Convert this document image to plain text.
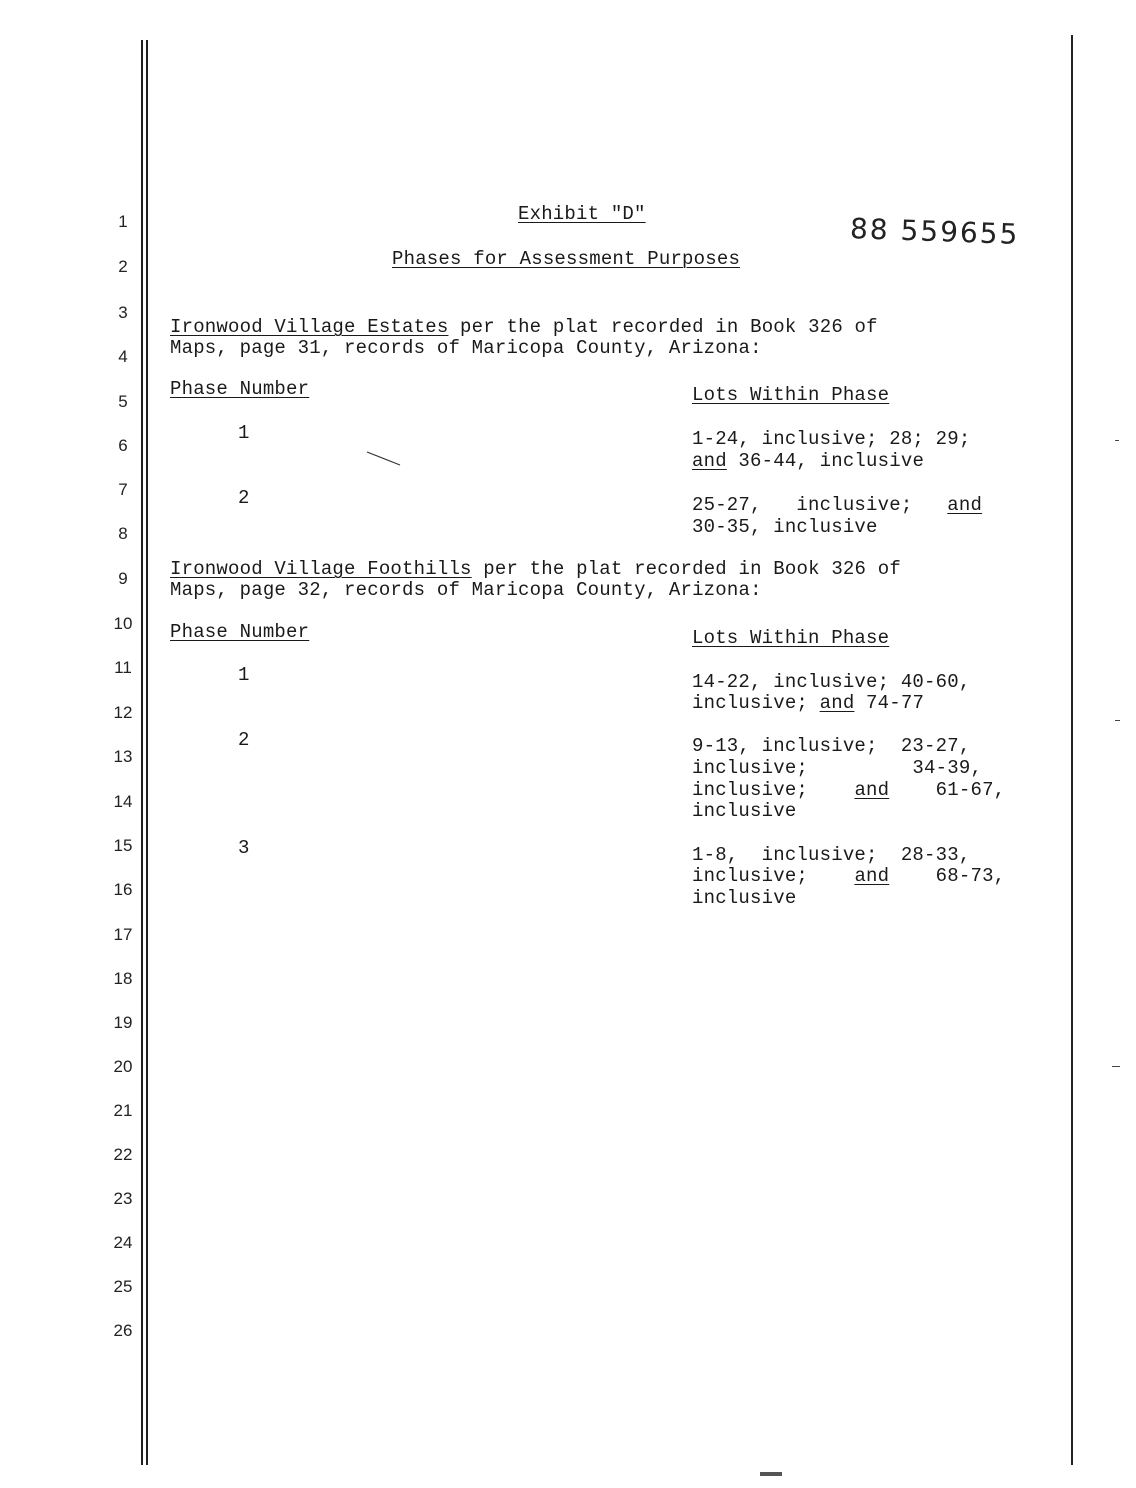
1
2
3
4
5
6
7
8
9
10
11
12
13
14
15
16
17
18
19
20
21
22
23
24
25
26
Exhibit "D"	88 559655
Phases for Assessment Purposes
Ironwood Village Estates per the plat recorded in Book 326 of
Maps, page 31, records of Maricopa County, Arizona:
Phase Number	Lots Within Phase
1	1-24, inclusive; 28; 29;
and 36-44, inclusive
2	25-27,   inclusive;   and
30-35, inclusive
Ironwood Village Foothills per the plat recorded in Book 326 of
Maps, page 32, records of Maricopa County, Arizona:
Phase Number	Lots Within Phase
1	14-22, inclusive; 40-60,
inclusive; and 74-77
2	9-13, inclusive;  23-27,
inclusive;         34-39,
inclusive;    and    61-67,
inclusive
3	1-8,  inclusive;  28-33,
inclusive;    and    68-73,
inclusive
